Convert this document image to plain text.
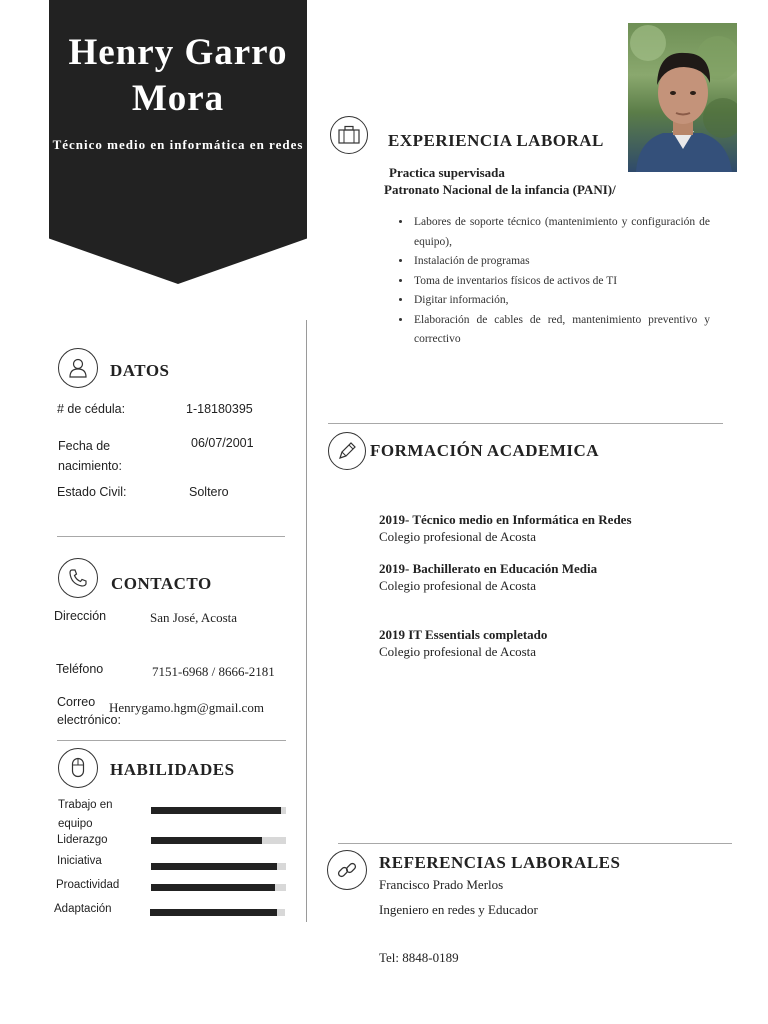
Henry Garro
Mora
Técnico medio en informática en redes	EXPERIENCIA LABORAL
Practica supervisada
Patronato Nacional de la infancia (PANI)/
• Labores de soporte técnico (mantenimiento y configuración de equipo),
• Instalación de programas
• Toma de inventarios físicos de activos de TI
• Digitar información,
• Elaboración de cables de red, mantenimiento preventivo y correctivo
FORMACIÓN ACADEMICA
2019- Técnico medio en Informática en Redes
Colegio profesional de Acosta
2019- Bachillerato en Educación Media
Colegio profesional de Acosta
2019 IT Essentials completado
Colegio profesional de Acosta
DATOS
# de cédula:	1-18180395
Fecha de
nacimiento:
06/07/2001
Estado Civil:	Soltero
CONTACTO
Dirección	San José, Acosta
Teléfono	7151-6968 / 8666-2181
Correo
electrónico:
Henrygamo.hgm@gmail.com
HABILIDADES
Trabajo en
equipo
Liderazgo
Iniciativa
Proactividad
Adaptación
REFERENCIAS LABORALES
Francisco Prado Merlos
Ingeniero en redes y Educador
Tel: 8848-0189
